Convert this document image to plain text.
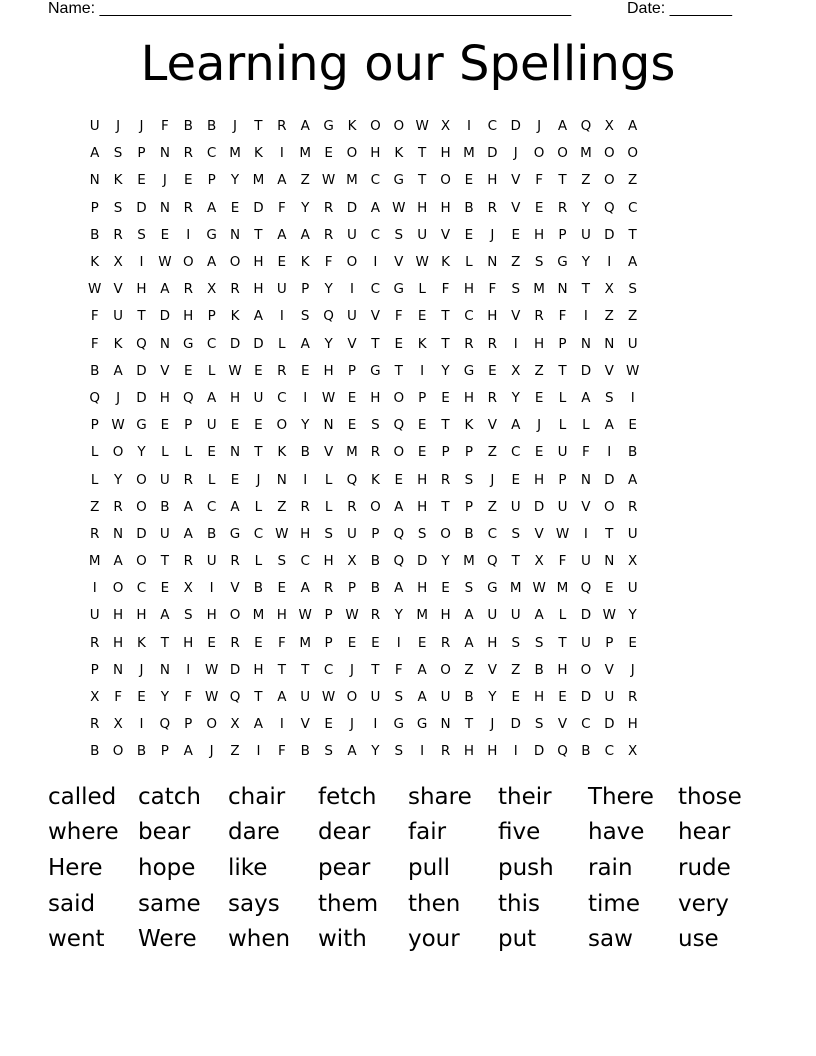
Name: _____________________________________________________	Date: _______
Learning our Spellings
U	J	J	F	B	B	J	T	R	A	G	K	O O W X	I	C D	J	A Q X	A
A	S	P	N	R	C M K	I	M E	O H	K	T	H M D	J	O O M O O
N	K	E	J	E	P	Y M A	Z W M C G	T	O	E	H	V	F	T	Z O Z
P	S	D N	R	A	E	D	F	Y	R D	A W H H	B	R	V	E	R	Y	Q C
B	R	S	E	I	G N	T	A	A	R	U	C	S	U	V	E	J	E	H	P	U D	T
K	X	I	W O A O H	E	K	F	O	I	V W K	L	N	Z	S	G	Y	I	A
W V	H	A	R	X	R	H U	P	Y	I	C G	L	F	H	F	S M N	T	X	S
F	U	T	D H	P	K	A	I	S	Q U	V	F	E	T	C	H	V	R	F	I	Z	Z
F	K	Q N G C D D	L	A	Y	V	T	E	K	T	R	R	I	H	P	N N U
B	A	D	V	E	L W E	R	E	H	P	G	T	I	Y	G	E	X	Z	T	D	V W
Q	J	D H Q A	H U	C	I	W E	H O	P	E	H	R	Y	E	L	A	S	I
P W G	E	P	U	E	E	O	Y	N	E	S	Q	E	T	K	V	A	J	L	L	A	E
L	O	Y	L	L	E	N	T	K	B	V M R O	E	P	P	Z	C	E	U	F	I	B
L	Y	O U	R	L	E	J	N	I	L	Q	K	E	H	R	S	J	E	H	P	N D	A
Z	R O B	A	C	A	L	Z	R	L	R O A	H	T	P	Z	U D U	V O R
R	N D U	A	B	G C W H	S	U	P	Q	S	O B	C	S	V W	I	T	U
M A O	T	R	U	R	L	S	C	H	X	B Q D	Y M Q	T	X	F	U N	X
I	O C	E	X	I	V	B	E	A	R	P	B	A	H	E	S	G M W M Q	E	U
U H H	A	S	H O M H W P W R	Y M H	A	U	U	A	L	D W Y
R	H	K	T	H	E	R	E	F	M P	E	E	I	E	R	A	H	S	S	T	U	P	E
P	N	J	N	I	W D H	T	T	C	J	T	F	A O Z	V	Z	B	H O V	J
X	F	E	Y	F W Q	T	A	U W O U	S	A	U	B	Y	E	H	E	D U	R
R	X	I	Q	P	O X	A	I	V	E	J	I	G G N	T	J	D	S	V	C D H
B O B	P	A	J	Z	I	F	B	S	A	Y	S	I	R	H H	I	D Q B	C	X
called catch	chair	fetch	share	their	There	those
where bear	dare	dear	fair	five	have	hear
Here	hope	like	pear	pull	push	rain	rude
said	same	says	them	then	this	time	very
went	Were	when	with	your	put	saw	use
